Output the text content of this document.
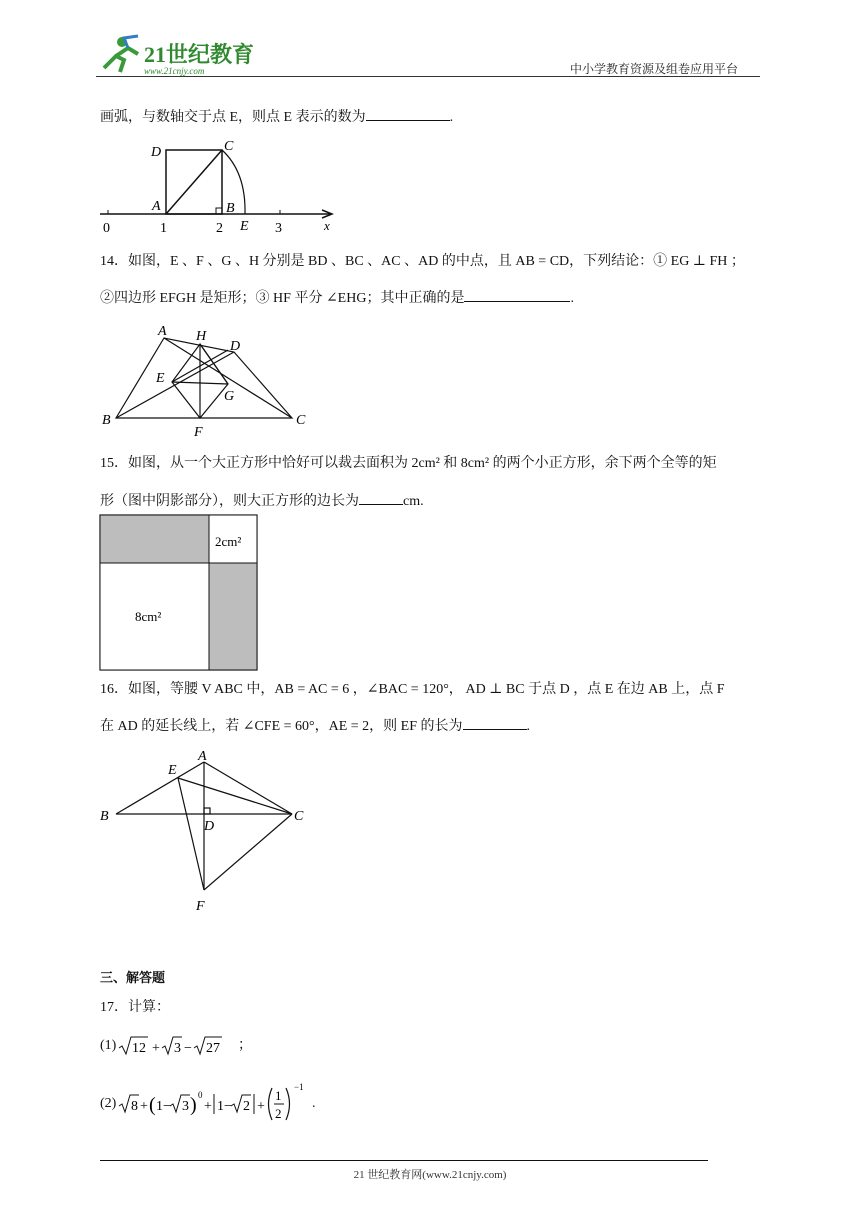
21世纪教育
www.21cnjy.com	中小学教育资源及组卷应用平台
画弧，与数轴交于点 E，则点 E 表示的数为	.
D	C
A	B
E	x
0	1	2	3
14．如图，E 、F 、G 、H 分别是 BD 、BC 、AC 、AD 的中点，且 AB = CD，下列结论：① EG ⊥ FH ；
②四边形 EFGH 是矩形；③ HF 平分 ∠EHG；其中正确的是	.
A H
D
E
G
B
F
C
15．如图，从一个大正方形中恰好可以裁去面积为 2cm² 和 8cm² 的两个小正方形，余下两个全等的矩
形（图中阴影部分），则大正方形的边长为	cm.
2cm²
8cm²
16．如图，等腰 V ABC 中，AB = AC = 6 ，∠BAC = 120°， AD ⊥ BC 于点 D ，点 E 在边 AB 上，点 F
在 AD 的延长线上，若 ∠CFE = 60°，AE = 2，则 EF 的长为	.
A
E
B
D
C
F
三、解答题
17．计算：
(1) 12 + 3 − 27 ；
(2) 8 + ( 1− 3 ) 0
+ 1− 2 +
1
2
−1
.
21 世纪教育网(www.21cnjy.com)
